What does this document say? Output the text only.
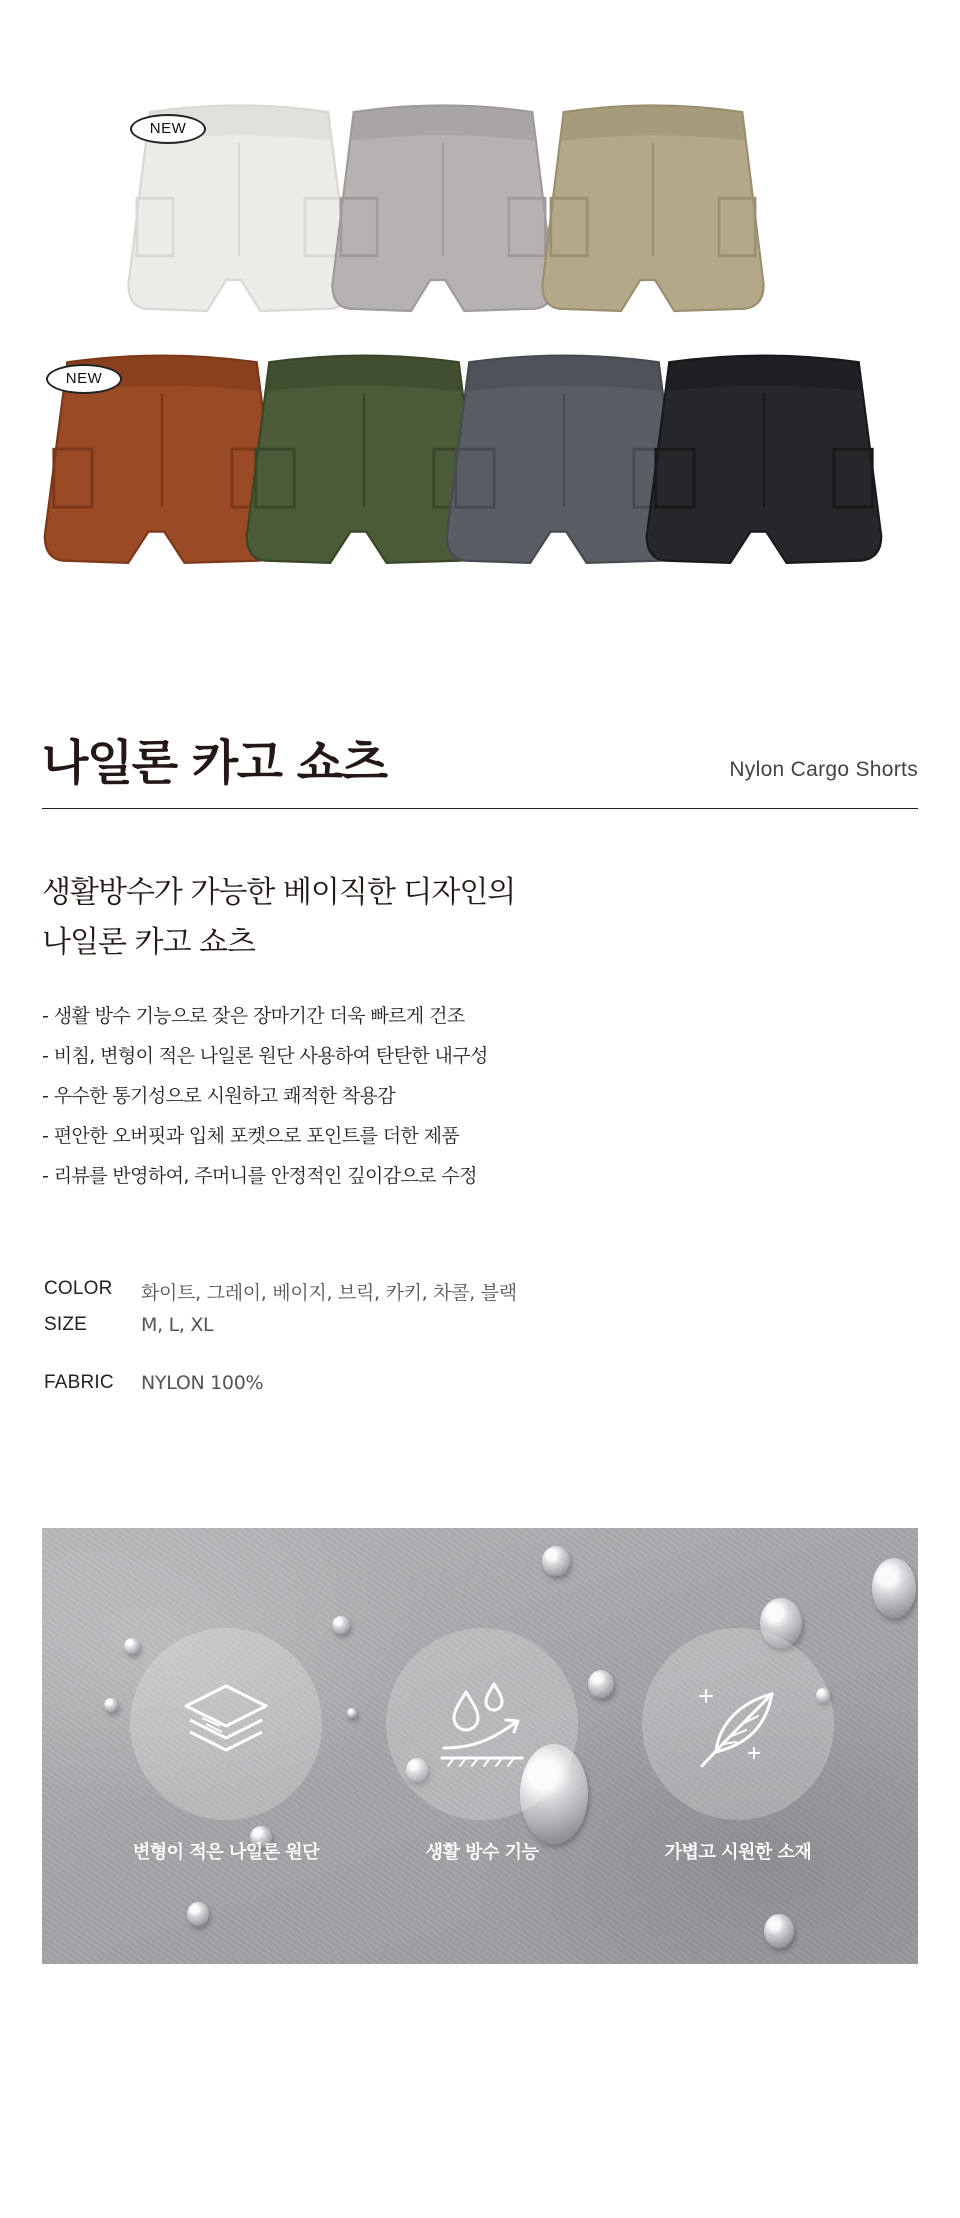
NEW
NEW
나일론 카고 쇼츠	Nylon Cargo Shorts
생활방수가 가능한 베이직한 디자인의
나일론 카고 쇼츠
- 생활 방수 기능으로 잦은 장마기간 더욱 빠르게 건조
- 비침, 변형이 적은 나일론 원단 사용하여 탄탄한 내구성
- 우수한 통기성으로 시원하고 쾌적한 착용감
- 편안한 오버핏과 입체 포켓으로 포인트를 더한 제품
- 리뷰를 반영하여, 주머니를 안정적인 깊이감으로 수정
COLOR	화이트, 그레이, 베이지, 브릭, 카키, 차콜, 블랙
SIZE	M, L, XL
FABRIC	NYLON 100%
변형이 적은 나일론 원단	생활 방수 기능	가볍고 시원한 소재
